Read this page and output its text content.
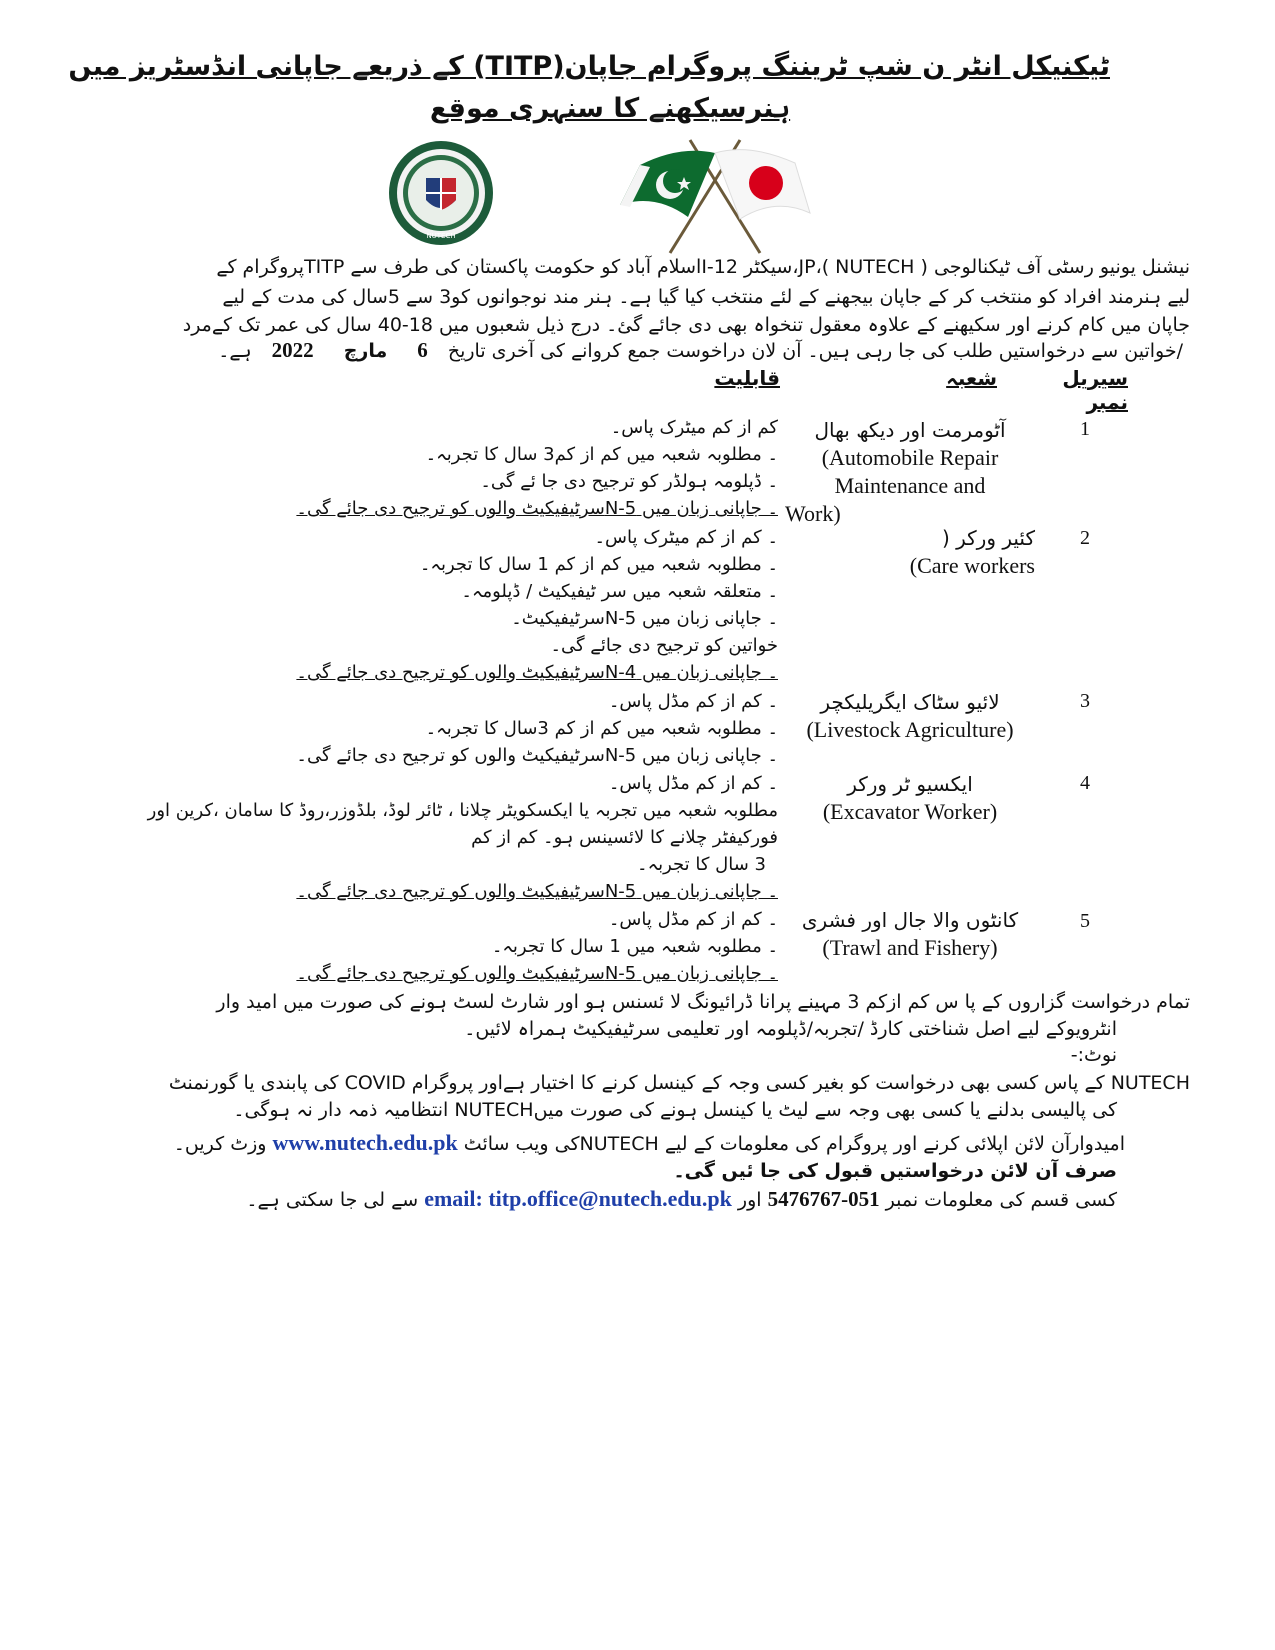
ٹیکنیکل انٹر ن شپ ٹریننگ پروگرام جاپان(TITP) کے ذریعے جاپانی انڈسٹریز میں
ہنرسیکھنے کا سنہری موقع
NUTECH
نیشنل یونیو رسٹی آف ٹیکنالوجی ( NUTECH )،JP،سیکٹر I-12اسلام آباد کو حکومت پاکستان کی طرف سے TITPپروگرام کے
لیے ہنرمند افراد کو منتخب کر کے جاپان بیجھنے کے لئے منتخب کیا گیا ہے۔ ہنر مند نوجوانوں کو3 سے 5سال کی مدت کے لیے
جاپان میں کام کرنے اور سکیھنے کے علاوہ معقول تنخواہ بھی دی جائے گئ۔ درج ذیل شعبوں میں 18-40 سال کی عمر تک کےمرد
/خواتین سے درخواستیں طلب کی جا رہی ہیں۔ آن لان دراخوست جمع کروانے کی آخری تاریخ 6 مارچ 2022 ہے۔
سیریل نمبر
شعبہ
قابلیت
1
آٹومرمت اور دیکھ بھال
(Automobile Repair
Maintenance and
Work)
کم از کم میٹرک پاس۔
۔ مطلوبہ شعبہ میں کم از کم3 سال کا تجربہ۔
۔ ڈپلومہ ہولڈر کو ترجیح دی جا ئے گی۔
۔ جاپانی زبان میں N-5سرٹیفیکیٹ والوں کو ترجیح دی جائے گی۔
2
کئیر ورکر (
(Care workers
۔ کم از کم میٹرک پاس۔
۔ مطلوبہ شعبہ میں کم از کم 1 سال کا تجربہ۔
۔ متعلقہ شعبہ میں سر ٹیفیکیٹ / ڈپلومہ۔
۔ جاپانی زبان میں N-5سرٹیفیکیٹ۔
خواتین کو ترجیح دی جائے گی۔
۔ جاپانی زبان میں N-4سرٹیفیکیٹ والوں کو ترجیح دی جائے گی۔
3
لائیو سٹاک ایگریلیکچر
(Livestock Agriculture)
۔ کم از کم مڈل پاس۔
۔ مطلوبہ شعبہ میں کم از کم 3سال کا تجربہ۔
۔ جاپانی زبان میں N-5سرٹیفیکیٹ والوں کو ترجیح دی جائے گی۔
4
ایکسیو ٹر ورکر
(Excavator Worker)
۔ کم از کم مڈل پاس۔
مطلوبہ شعبہ میں تجربہ یا ایکسکویٹر چلانا ، ٹائر لوڈ، بلڈوزر،روڈ کا سامان ،کرین اور
فورکیفٹر چلانے کا لائسینس ہو۔ کم از کم
3 سال کا تجربہ۔
۔ جاپانی زبان میں N-5سرٹیفیکیٹ والوں کو ترجیح دی جائے گی۔
5
کانٹوں والا جال اور فشری
(Trawl and Fishery)
۔ کم از کم مڈل پاس۔
۔ مطلوبہ شعبہ میں 1 سال کا تجربہ۔
۔ جاپانی زبان میں N-5سرٹیفیکیٹ والوں کو ترجیح دی جائے گی۔
تمام درخواست گزاروں کے پا س کم ازکم 3 مہینے پرانا ڈرائیونگ لا ئسنس ہو اور شارٹ لسٹ ہونے کی صورت میں امید وار
انٹرویوکے لیے اصل شناختی کارڈ /تجربہ/ڈپلومہ اور تعلیمی سرٹیفیکیٹ ہمراہ لائیں۔
نوٹ:-
NUTECH کے پاس کسی بھی درخواست کو بغیر کسی وجہ کے کینسل کرنے کا اختیار ہےاور پروگرام COVID کی پابندی یا گورنمنٹ
کی پالیسی بدلنے یا کسی بھی وجہ سے لیٹ یا کینسل ہونے کی صورت میںNUTECH انتظامیہ ذمہ دار نہ ہوگی۔
امیدوارآن لائن اپلائی کرنے اور پروگرام کی معلومات کے لیے NUTECHکی ویب سائٹ www.nutech.edu.pk وزٹ کریں۔
صرف آن لائن درخواستیں قبول کی جا ئیں گی۔
کسی قسم کی معلومات نمبر 051-5476767 اور email: titp.office@nutech.edu.pk سے لی جا سکتی ہے۔
